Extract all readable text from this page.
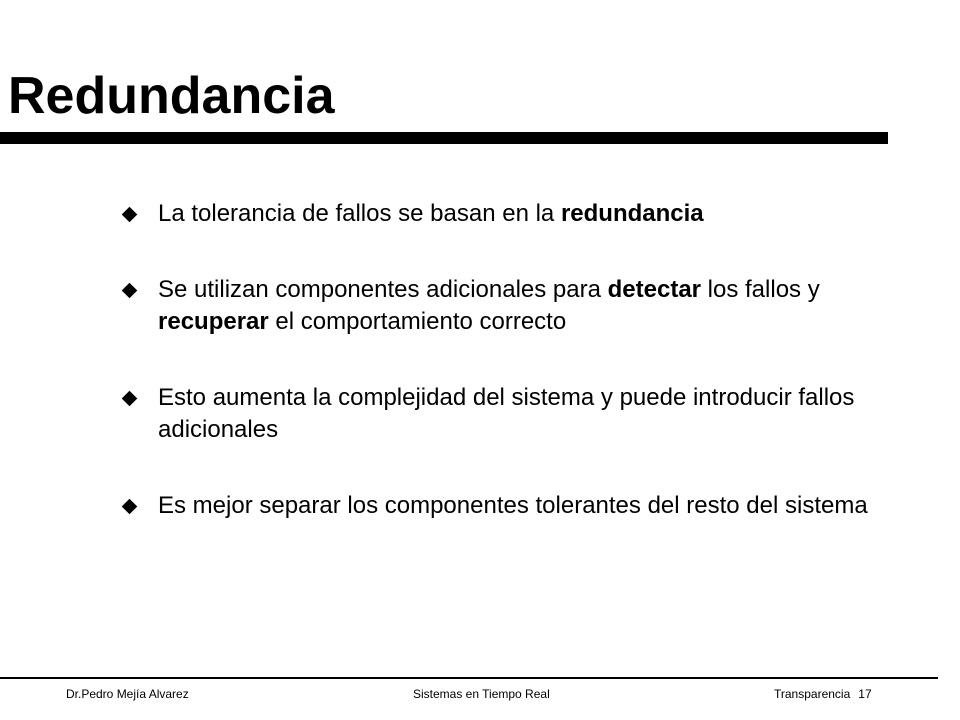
Redundancia
La tolerancia de fallos se basan en la redundancia
Se utilizan componentes adicionales para detectar los fallos y recuperar el comportamiento correcto
Esto aumenta la complejidad del sistema y puede introducir fallos adicionales
Es mejor separar los componentes tolerantes del resto del sistema
Dr.Pedro Mejía Alvarez	Sistemas en Tiempo Real	Transparencia 17
